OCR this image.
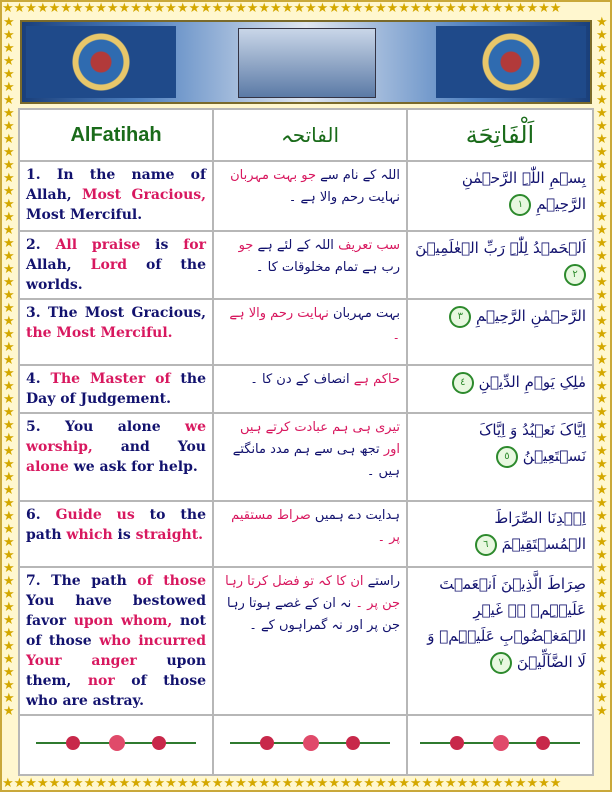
★★★★★★★★★★★★★★★★★★★★★★★★★★★★★★★★★★★★★★★★★★★★★★★★
★★★★★★★★★★★★★★★★★★★★★★★★★★★★★★★★★★★★★★★★★★★★★★★★
★★★★★★★★★★★★★★★★★★★★★★★★★★★★★★★★★★★★★★★★★★★★★★★★★★★★★★
★★★★★★★★★★★★★★★★★★★★★★★★★★★★★★★★★★★★★★★★★★★★★★★★★★★★★★
AlFatihah	الفاتحہ	اَلْفَاتِحَة
1. In the name of Allah, Most Gracious, Most Merciful.	اللہ کے نام سے جو بہت مہربان نہایت رحم والا ہے ۔	بِسۡمِ اللّٰہِ الرَّحۡمٰنِ الرَّحِیۡمِ ١
2. All praise is for Allah, Lord of the worlds.	سب تعریف اللہ کے لئے ہے جو رب ہے تمام مخلوقات کا ۔	اَلۡحَمۡدُ لِلّٰہِ رَبِّ الۡعٰلَمِیۡنَ ٢
3. The Most Gracious, the Most Merciful.	بہت مہربان نہایت رحم والا ہے ۔	الرَّحۡمٰنِ الرَّحِیۡمِ ٣
4. The Master of the Day of Judgement.	حاکم ہے انصاف کے دن کا ۔	مٰلِکِ یَوۡمِ الدِّیۡنِ ٤
5. You alone we worship, and You alone we ask for help.	تیری ہی ہم عبادت کرتے ہیں اور تجھ ہی سے ہم مدد مانگتے ہیں ۔	اِیَّاکَ نَعۡبُدُ وَ اِیَّاکَ نَسۡتَعِیۡنُ ٥
6. Guide us to the path which is straight.	ہدایت دے ہمیں صراط مستقیم پر ۔	اِہۡدِنَا الصِّرَاطَ الۡمُسۡتَقِیۡمَ ٦
7. The path of those You have bestowed favor upon whom, not of those who incurred Your anger upon them, nor of those who are astray.	راستے ان کا کہ تو فضل کرتا رہا جن پر ۔ نہ ان کے غصے ہوتا رہا جن پر اور نہ گمراہوں کے ۔	صِرَاطَ الَّذِیۡنَ اَنۡعَمۡتَ عَلَیۡہِمۡ ۬ۙ غَیۡرِ الۡمَغۡضُوۡبِ عَلَیۡہِمۡ وَ لَا الضَّآلِّیۡنَ ٧
